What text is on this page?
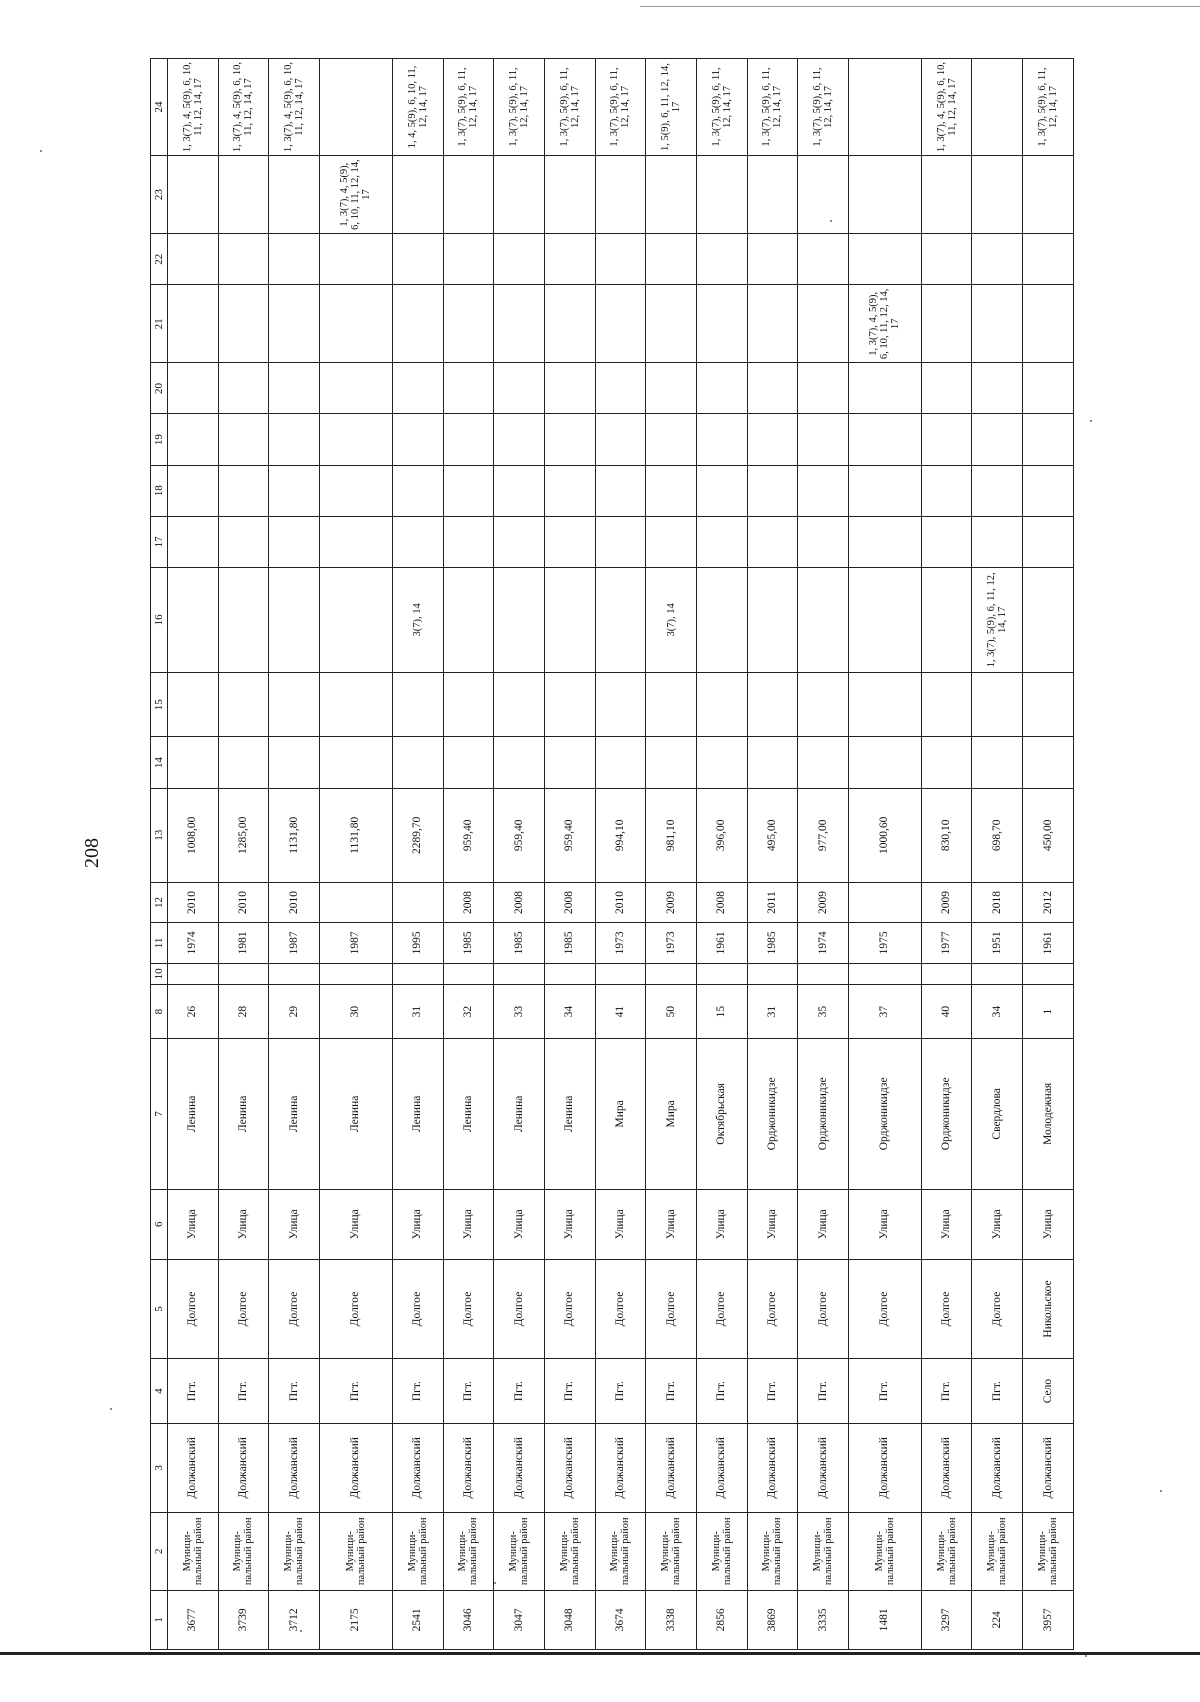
208
1	2	3	4	5	6	7	8	10	11	12	13	14	15	16	17	18	19	20	21	22	23	24
3677	Муници-пальный район	Должанский	Пгт.	Долгое	Улица	Ленина	26		1974	2010	1008,00											1, 3(7), 4, 5(9), 6, 10, 11, 12, 14, 17
3739	Муници-пальный район	Должанский	Пгт.	Долгое	Улица	Ленина	28		1981	2010	1285,00											1, 3(7), 4, 5(9), 6, 10, 11, 12, 14, 17
3712	Муници-пальный район	Должанский	Пгт.	Долгое	Улица	Ленина	29		1987	2010	1131,80											1, 3(7), 4, 5(9), 6, 10, 11, 12, 14, 17
2175	Муници-пальный район	Должанский	Пгт.	Долгое	Улица	Ленина	30		1987		1131,80										1, 3(7), 4, 5(9), 6, 10, 11, 12, 14, 17	
2541	Муници-пальный район	Должанский	Пгт.	Долгое	Улица	Ленина	31		1995		2289,70			3(7), 14								1, 4, 5(9), 6, 10, 11, 12, 14, 17
3046	Муници-пальный район	Должанский	Пгт.	Долгое	Улица	Ленина	32		1985	2008	959,40											1, 3(7), 5(9), 6, 11, 12, 14, 17
3047	Муници-пальный район	Должанский	Пгт.	Долгое	Улица	Ленина	33		1985	2008	959,40											1, 3(7), 5(9), 6, 11, 12, 14, 17
3048	Муници-пальный район	Должанский	Пгт.	Долгое	Улица	Ленина	34		1985	2008	959,40											1, 3(7), 5(9), 6, 11, 12, 14, 17
3674	Муници-пальный район	Должанский	Пгт.	Долгое	Улица	Мира	41		1973	2010	994,10											1, 3(7), 5(9), 6, 11, 12, 14, 17
3338	Муници-пальный район	Должанский	Пгт.	Долгое	Улица	Мира	50		1973	2009	981,10			3(7), 14								1, 5(9), 6, 11, 12, 14, 17
2856	Муници-пальный район	Должанский	Пгт.	Долгое	Улица	Октябрьская	15		1961	2008	396,00											1, 3(7), 5(9), 6, 11, 12, 14, 17
3869	Муници-пальный район	Должанский	Пгт.	Долгое	Улица	Орджоникидзе	31		1985	2011	495,00											1, 3(7), 5(9), 6, 11, 12, 14, 17
3335	Муници-пальный район	Должанский	Пгт.	Долгое	Улица	Орджоникидзе	35		1974	2009	977,00											1, 3(7), 5(9), 6, 11, 12, 14, 17
1481	Муници-пальный район	Должанский	Пгт.	Долгое	Улица	Орджоникидзе	37		1975		1000,60								1, 3(7), 4, 5(9), 6, 10, 11, 12, 14, 17			
3297	Муници-пальный район	Должанский	Пгт.	Долгое	Улица	Орджоникидзе	40		1977	2009	830,10											1, 3(7), 4, 5(9), 6, 10, 11, 12, 14, 17
224	Муници-пальный район	Должанский	Пгт.	Долгое	Улица	Свердлова	34		1951	2018	698,70			1, 3(7), 5(9), 6, 11, 12, 14, 17								
3957	Муници-пальный район	Должанский	Село	Никольское	Улица	Молодежная	1		1961	2012	450,00											1, 3(7), 5(9), 6, 11, 12, 14, 17
